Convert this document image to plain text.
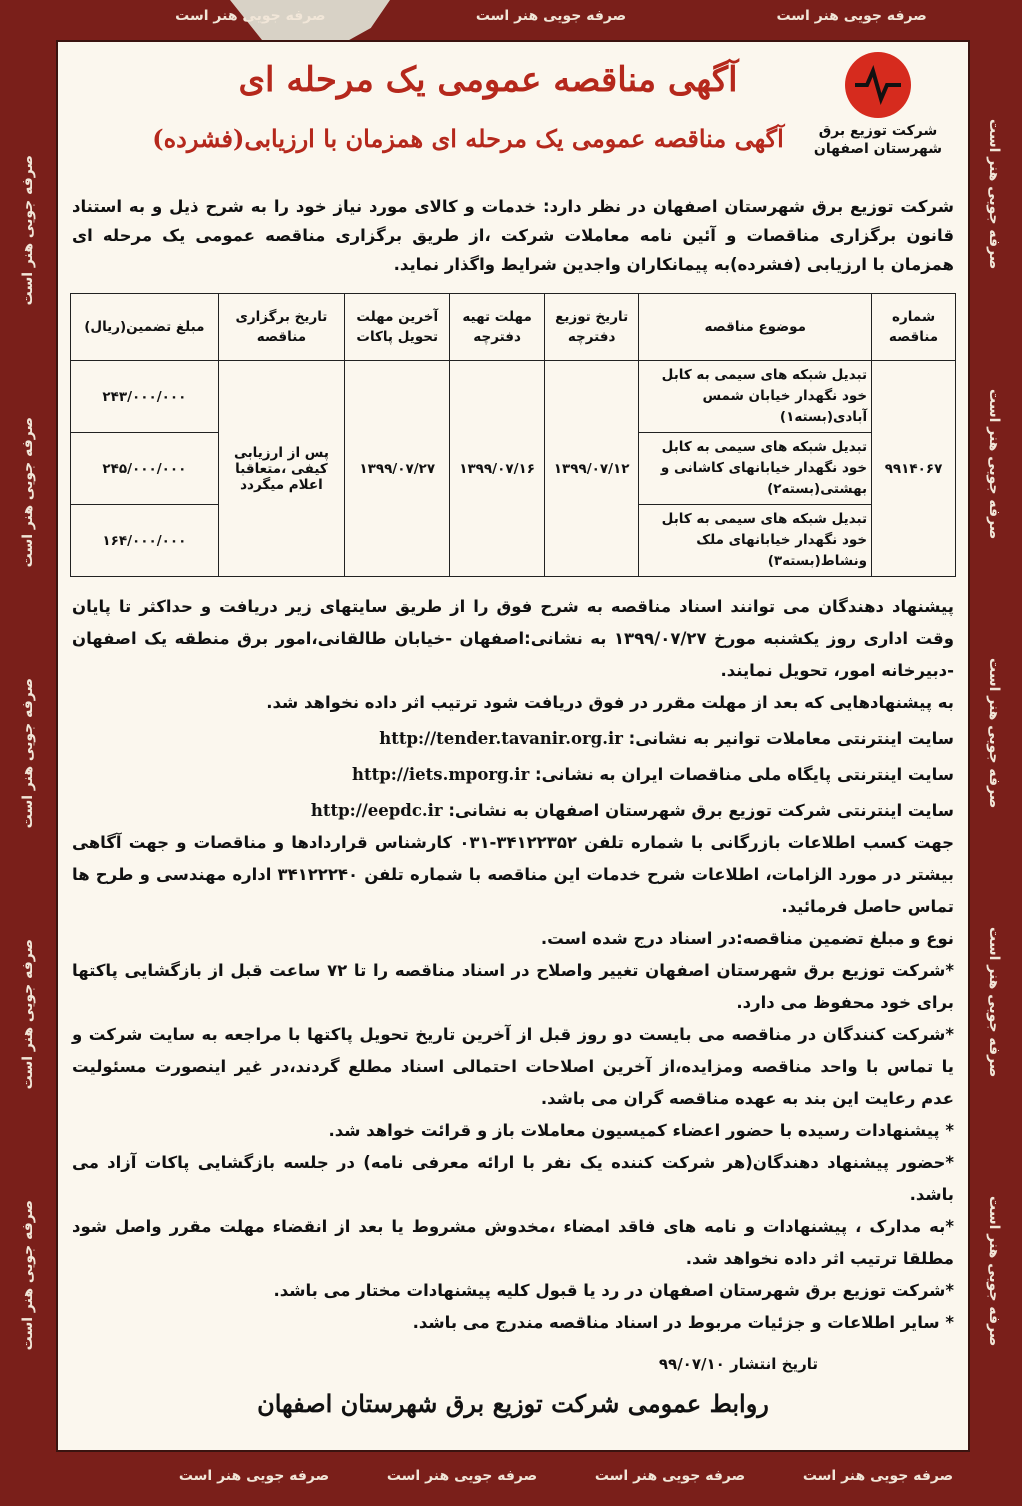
صرفه جویی هنر است	صرفه جویی هنر است	صرفه جویی هنر است
صرفه جویی هنر است	صرفه جویی هنر است	صرفه جویی هنر است	صرفه جویی هنر است
صرفه جویی هنر است
صرفه جویی هنر است
صرفه جویی هنر است
صرفه جویی هنر است
صرفه جویی هنر است
صرفه جویی هنر است
صرفه جویی هنر است
صرفه جویی هنر است
صرفه جویی هنر است
صرفه جویی هنر است
شرکت توزیع برق
شهرستان اصفهان
آگهی مناقصه عمومی یک مرحله ای
آگهی مناقصه عمومی یک مرحله ای همزمان با ارزیابی(فشرده)
شرکت توزیع برق شهرستان اصفهان در نظر دارد: خدمات و کالای مورد نیاز خود را به شرح ذیل و به استناد قانون برگزاری مناقصات و آئین نامه معاملات شرکت ،از طریق برگزاری مناقصه عمومی یک مرحله ای همزمان با ارزیابی (فشرده)به پیمانکاران واجدین شرایط واگذار نماید.
شماره مناقصه	موضوع مناقصه	تاریخ توزیع دفترچه	مهلت تهیه دفترچه	آخرین مهلت تحویل پاکات	تاریخ برگزاری مناقصه	مبلغ تضمین(ریال)
۹۹۱۴۰۶۷	تبدیل شبکه های سیمی به کابل خود نگهدار خیابان شمس آبادی(بسته۱)	۱۳۹۹/۰۷/۱۲	۱۳۹۹/۰۷/۱۶	۱۳۹۹/۰۷/۲۷	پس از ارزیابی کیفی ،متعاقبا اعلام میگردد	۲۴۳/۰۰۰/۰۰۰
	تبدیل شبکه های سیمی به کابل خود نگهدار خیابانهای کاشانی و بهشتی(بسته۲)					۲۴۵/۰۰۰/۰۰۰
	تبدیل شبکه های سیمی به کابل خود نگهدار خیابانهای ملک ونشاط(بسته۳)					۱۶۴/۰۰۰/۰۰۰

پیشنهاد دهندگان می توانند اسناد مناقصه به شرح فوق را از طریق سایتهای زیر دریافت و حداکثر تا پایان وقت اداری روز یکشنبه مورخ ۱۳۹۹/۰۷/۲۷ به نشانی:اصفهان -خیابان طالقانی،امور برق منطقه یک اصفهان -دبیرخانه امور، تحویل نمایند.

به پیشنهادهایی که بعد از مهلت مقرر در فوق دریافت شود ترتیب اثر داده نخواهد شد.

سایت اینترنتی معاملات توانیر به نشانی: http://tender.tavanir.org.ir

سایت اینترنتی پایگاه ملی مناقصات ایران به نشانی: http://iets.mporg.ir

سایت اینترنتی شرکت توزیع برق شهرستان اصفهان به نشانی: http://eepdc.ir

جهت کسب اطلاعات بازرگانی با شماره تلفن ۳۴۱۲۲۳۵۲-۰۳۱ کارشناس قراردادها و مناقصات و جهت آگاهی بیشتر در مورد الزامات، اطلاعات شرح خدمات این مناقصه با شماره تلفن ۳۴۱۲۲۲۴۰ اداره مهندسی و طرح ها تماس حاصل فرمائید.

نوع و مبلغ تضمین مناقصه:در اسناد درج شده است.

*شرکت توزیع برق شهرستان اصفهان تغییر واصلاح در اسناد مناقصه را تا ۷۲ ساعت قبل از بازگشایی پاکتها برای خود محفوظ می دارد.

*شرکت کنندگان در مناقصه می بایست دو روز قبل از آخرین تاریخ تحویل پاکتها با مراجعه به سایت شرکت و یا تماس با واحد مناقصه ومزایده،از آخرین اصلاحات احتمالی اسناد مطلع گردند،در غیر اینصورت مسئولیت عدم رعایت این بند به عهده مناقصه گران می باشد.

* پیشنهادات رسیده با حضور اعضاء کمیسیون معاملات باز و قرائت خواهد شد.

*حضور پیشنهاد دهندگان(هر شرکت کننده یک نفر با ارائه معرفی نامه) در جلسه بازگشایی پاکات آزاد می باشد.

*به مدارک ، پیشنهادات و نامه های فاقد امضاء ،مخدوش مشروط یا بعد از انقضاء مهلت مقرر واصل شود مطلقا ترتیب اثر داده نخواهد شد.

*شرکت توزیع برق شهرستان اصفهان در رد یا قبول کلیه پیشنهادات مختار می باشد.

* سایر اطلاعات و جزئیات مربوط در اسناد مناقصه مندرج می باشد.

تاریخ انتشار ۹۹/۰۷/۱۰
روابط عمومی شرکت توزیع برق شهرستان اصفهان
